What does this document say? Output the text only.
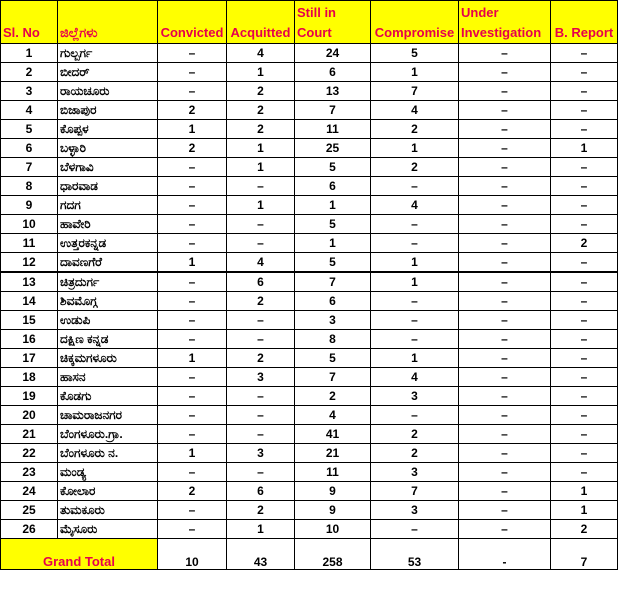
Sl. No	ಜಿಲ್ಲೆಗಳು	Convicted	Acquitted	Still in Court	Compromise	Under Investigation	B. Report
1	ಗುಲ್ಬರ್ಗ	–	4	24	5	–	–
2	ಬೀದರ್	–	1	6	1	–	–
3	ರಾಯಚೂರು	–	2	13	7	–	–
4	ಬಿಜಾಪುರ	2	2	7	4	–	–
5	ಕೊಪ್ಪಳ	1	2	11	2	–	–
6	ಬಳ್ಳಾರಿ	2	1	25	1	–	1
7	ಬೆಳಗಾವಿ	–	1	5	2	–	–
8	ಧಾರವಾಡ	–	–	6	–	–	–
9	ಗದಗ	–	1	1	4	–	–
10	ಹಾವೇರಿ	–	–	5	–	–	–
11	ಉತ್ತರಕನ್ನಡ	–	–	1	–	–	2
12	ದಾವಣಗೆರೆ	1	4	5	1	–	–
13	ಚಿತ್ರದುರ್ಗ	–	6	7	1	–	–
14	ಶಿವಮೊಗ್ಗ	–	2	6	–	–	–
15	ಉಡುಪಿ	–	–	3	–	–	–
16	ದಕ್ಷಿಣ ಕನ್ನಡ	–	–	8	–	–	–
17	ಚಿಕ್ಕಮಗಳೂರು	1	2	5	1	–	–
18	ಹಾಸನ	–	3	7	4	–	–
19	ಕೊಡಗು	–	–	2	3	–	–
20	ಚಾಮರಾಜನಗರ	–	–	4	–	–	–
21	ಬೆಂಗಳೂರು.ಗ್ರಾ.	–	–	41	2	–	–
22	ಬೆಂಗಳೂರು ನ.	1	3	21	2	–	–
23	ಮಂಡ್ಯ	–	–	11	3	–	–
24	ಕೋಲಾರ	2	6	9	7	–	1
25	ತುಮಕೂರು	–	2	9	3	–	1
26	ಮೈಸೂರು	–	1	10	–	–	2
Grand Total		10	43	258	53	-	7
